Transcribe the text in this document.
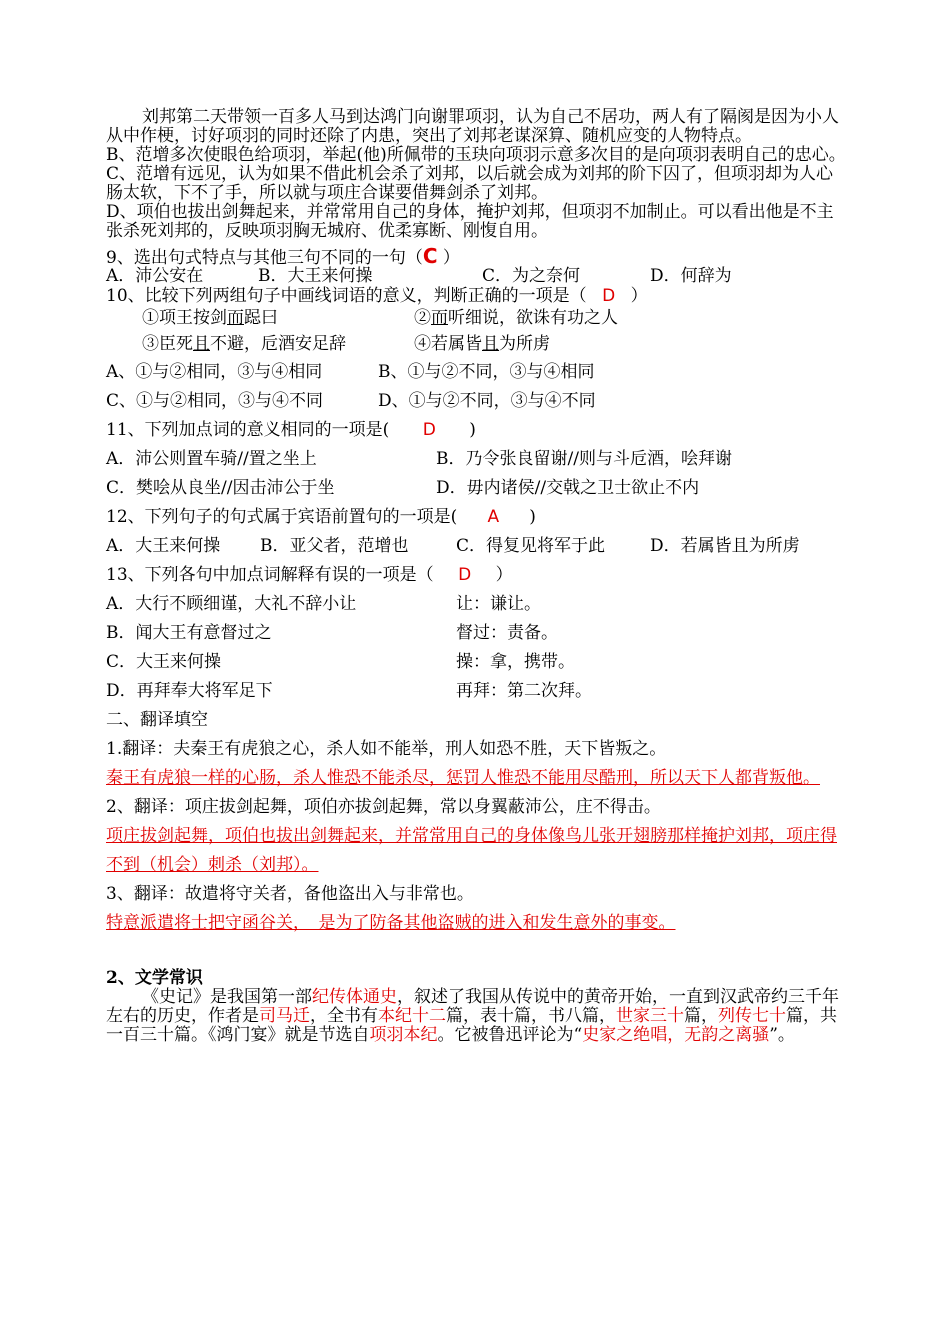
刘邦第二天带领一百多人马到达鸿门向谢罪项羽，认为自己不居功，两人有了隔阂是因为小人从中作梗，讨好项羽的同时还除了内患，突出了刘邦老谋深算、随机应变的人物特点。

B、范增多次使眼色给项羽，举起(他)所佩带的玉玦向项羽示意多次目的是向项羽表明自己的忠心。

C、范增有远见，认为如果不借此机会杀了刘邦，以后就会成为刘邦的阶下囚了，但项羽却为人心肠太软，下不了手，所以就与项庄合谋要借舞剑杀了刘邦。

D、项伯也拔出剑舞起来，并常常用自己的身体，掩护刘邦，但项羽不加制止。可以看出他是不主张杀死刘邦的，反映项羽胸无城府、优柔寡断、刚愎自用。

9、选出句式特点与其他三句不同的一句（C ）
A．沛公安在	B．大王来何操	C．为之奈何	D．何辞为
10、比较下列两组句子中画线词语的意义，判断正确的一项是（ D ）
①项王按剑而跽曰	②而听细说，欲诛有功之人
③臣死且不避，卮酒安足辞	④若属皆且为所虏
A、①与②相同，③与④相同	B、①与②不同，③与④相同
C、①与②相同，③与④不同	D、①与②不同，③与④不同
11、下列加点词的意义相同的一项是( D )
A．沛公则置车骑//置之坐上	B．乃令张良留谢//则与斗卮酒，哙拜谢
C．樊哙从良坐//因击沛公于坐	D．毋内诸侯//交戟之卫士欲止不内
12、下列句子的句式属于宾语前置句的一项是( A )
A．大王来何操 B．亚父者，范增也	C．得复见将军于此	D．若属皆且为所虏
13、下列各句中加点词解释有误的一项是（ D ）
A．大行不顾细谨，大礼不辞小让	让：谦让。
B．闻大王有意督过之	督过：责备。
C．大王来何操	操：拿，携带。
D．再拜奉大将军足下	再拜：第二次拜。
二、翻译填空
1.翻译：夫秦王有虎狼之心，杀人如不能举，刑人如恐不胜，天下皆叛之。

秦王有虎狼一样的心肠，杀人惟恐不能杀尽，惩罚人惟恐不能用尽酷刑，所以天下人都背叛他。

2、翻译：项庄拔剑起舞，项伯亦拔剑起舞，常以身翼蔽沛公，庄不得击。

项庄拔剑起舞，项伯也拔出剑舞起来，并常常用自己的身体像鸟儿张开翅膀那样掩护刘邦，项庄得不到（机会）刺杀（刘邦）。

3、翻译：故遣将守关者，备他盗出入与非常也。

特意派遣将士把守函谷关，　是为了防备其他盗贼的进入和发生意外的事变。

2、文学常识

《史记》是我国第一部纪传体通史，叙述了我国从传说中的黄帝开始，一直到汉武帝约三千年左右的历史，作者是司马迁，全书有本纪十二篇，表十篇，书八篇，世家三十篇，列传七十篇，共一百三十篇。《鸿门宴》就是节选自项羽本纪。它被鲁迅评论为“史家之绝唱，无韵之离骚”。
